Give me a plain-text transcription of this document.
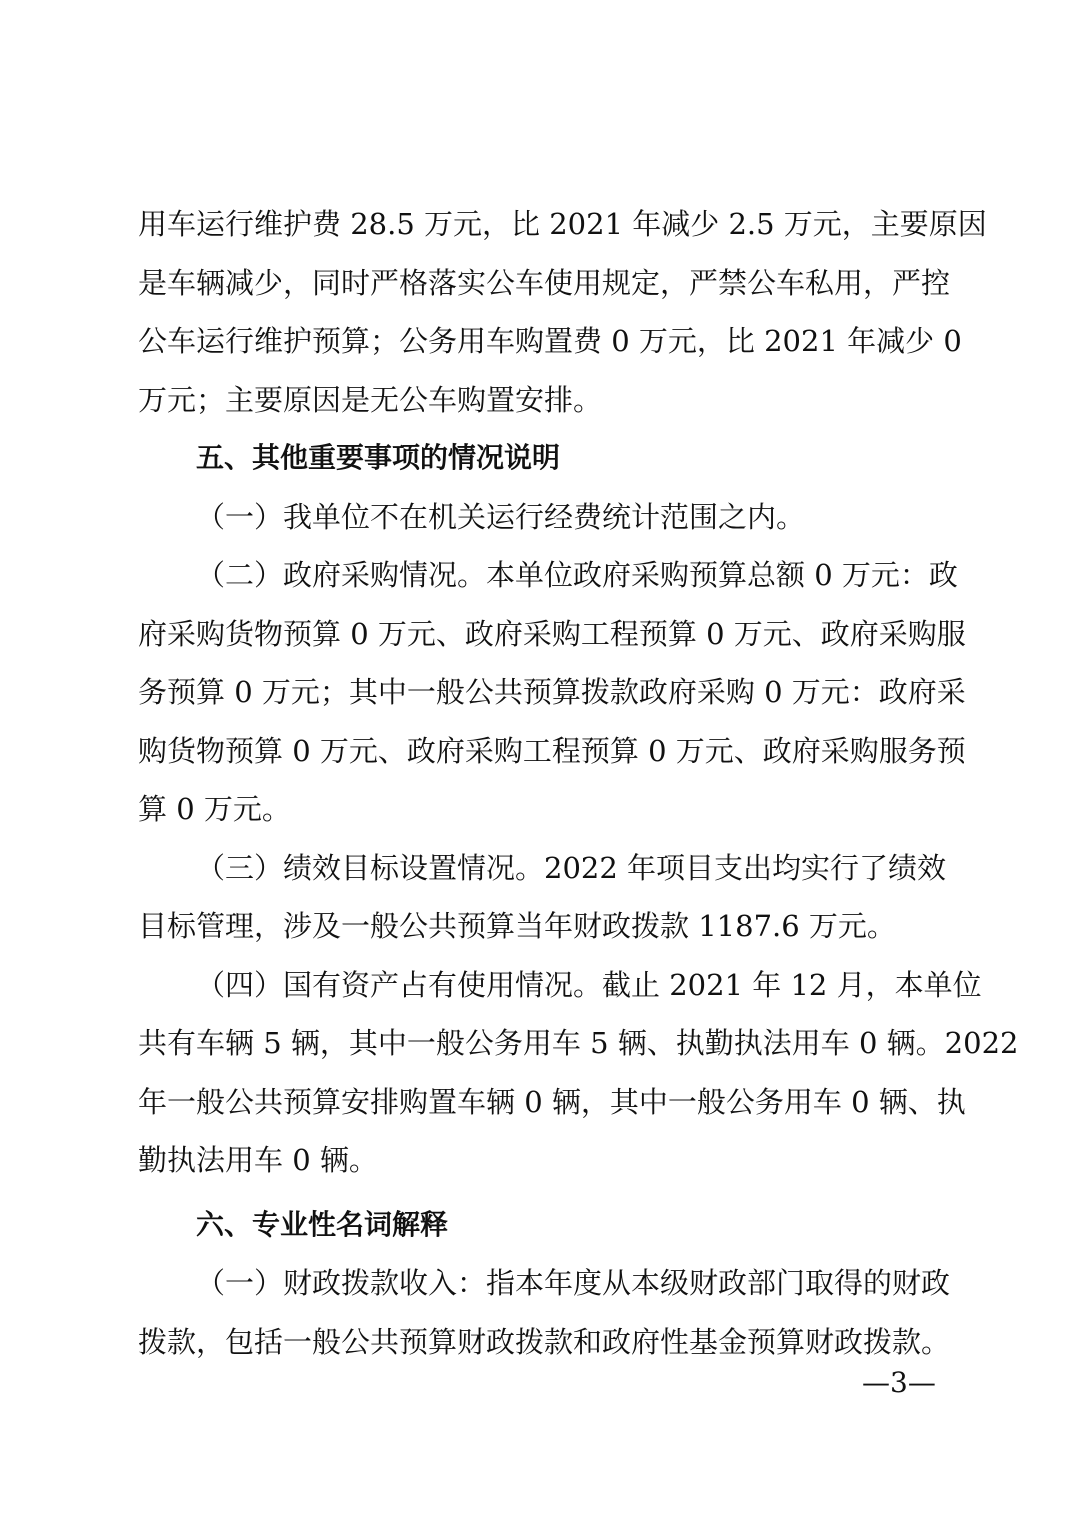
用车运行维护费 28.5 万元，比 2021 年减少 2.5 万元，主要原因
是车辆减少，同时严格落实公车使用规定，严禁公车私用，严控
公车运行维护预算；公务用车购置费 0 万元，比 2021 年减少 0
万元；主要原因是无公车购置安排。
五、其他重要事项的情况说明
（一）我单位不在机关运行经费统计范围之内。
（二）政府采购情况。本单位政府采购预算总额 0 万元：政
府采购货物预算 0 万元、政府采购工程预算 0 万元、政府采购服
务预算 0 万元；其中一般公共预算拨款政府采购 0 万元：政府采
购货物预算 0 万元、政府采购工程预算 0 万元、政府采购服务预
算 0 万元。
（三）绩效目标设置情况。2022 年项目支出均实行了绩效
目标管理，涉及一般公共预算当年财政拨款 1187.6 万元。
（四）国有资产占有使用情况。截止 2021 年 12 月，本单位
共有车辆 5 辆，其中一般公务用车 5 辆、执勤执法用车 0 辆。2022
年一般公共预算安排购置车辆 0 辆，其中一般公务用车 0 辆、执
勤执法用车 0 辆。
六、专业性名词解释
（一）财政拨款收入：指本年度从本级财政部门取得的财政
拨款，包括一般公共预算财政拨款和政府性基金预算财政拨款。
—3—
